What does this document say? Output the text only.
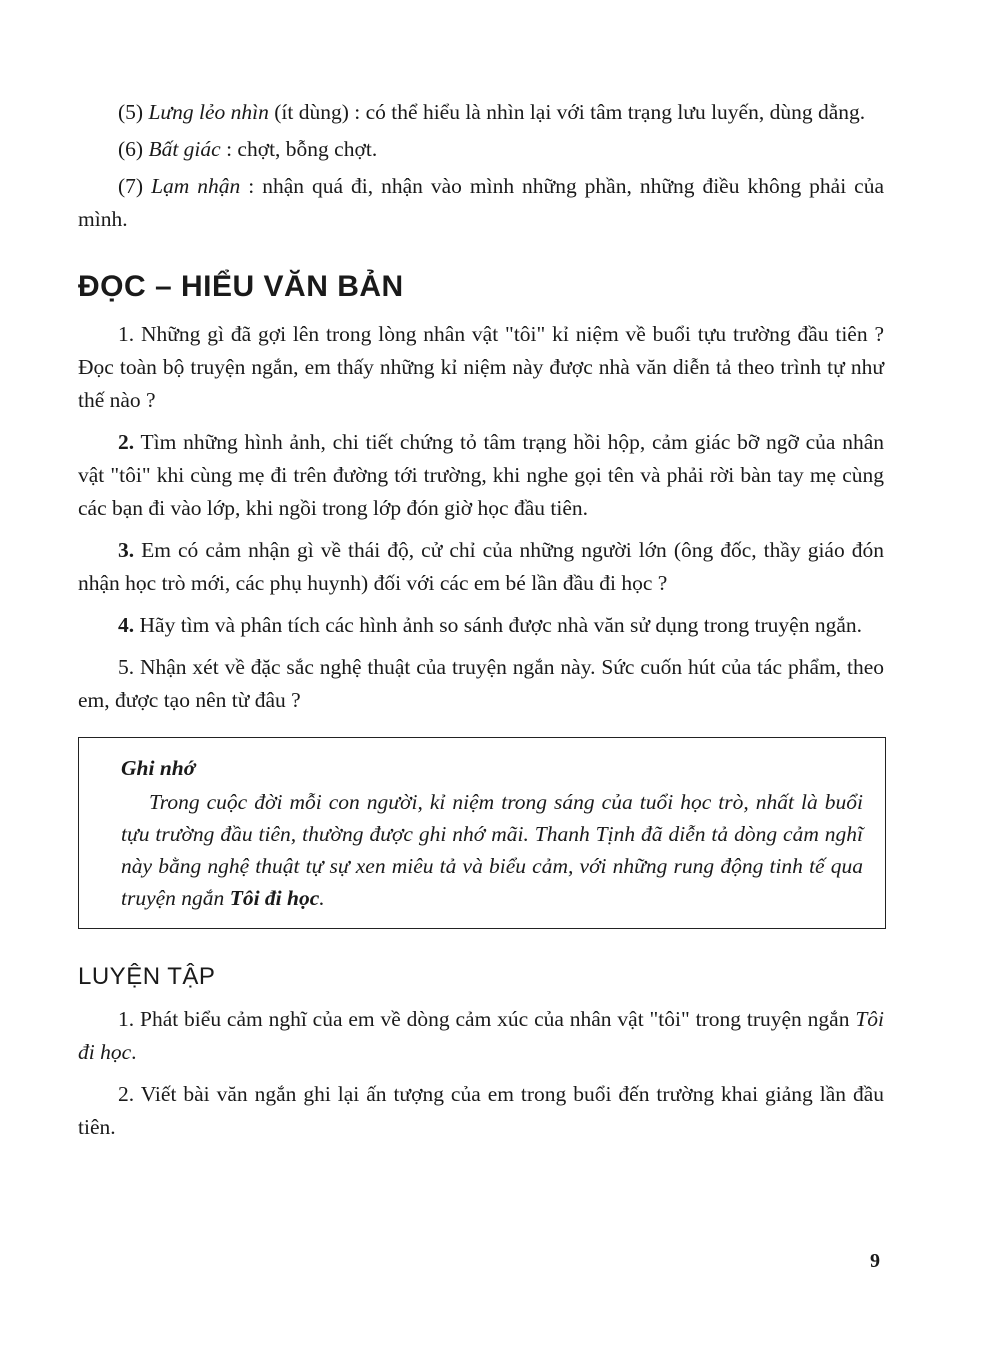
(5) Lưng lẻo nhìn (ít dùng) : có thể hiểu là nhìn lại với tâm trạng lưu luyến, dùng dằng.

(6) Bất giác : chợt, bỗng chợt.

(7) Lạm nhận : nhận quá đi, nhận vào mình những phần, những điều không phải của mình.

ĐỌC – HIỂU VĂN BẢN

1. Những gì đã gợi lên trong lòng nhân vật "tôi" kỉ niệm về buổi tựu trường đầu tiên ? Đọc toàn bộ truyện ngắn, em thấy những kỉ niệm này được nhà văn diễn tả theo trình tự như thế nào ?

2. Tìm những hình ảnh, chi tiết chứng tỏ tâm trạng hồi hộp, cảm giác bỡ ngỡ của nhân vật "tôi" khi cùng mẹ đi trên đường tới trường, khi nghe gọi tên và phải rời bàn tay mẹ cùng các bạn đi vào lớp, khi ngồi trong lớp đón giờ học đầu tiên.

3. Em có cảm nhận gì về thái độ, cử chỉ của những người lớn (ông đốc, thầy giáo đón nhận học trò mới, các phụ huynh) đối với các em bé lần đầu đi học ?

4. Hãy tìm và phân tích các hình ảnh so sánh được nhà văn sử dụng trong truyện ngắn.

5. Nhận xét về đặc sắc nghệ thuật của truyện ngắn này. Sức cuốn hút của tác phẩm, theo em, được tạo nên từ đâu ?

Ghi nhớ

Trong cuộc đời mỗi con người, kỉ niệm trong sáng của tuổi học trò, nhất là buổi tựu trường đầu tiên, thường được ghi nhớ mãi. Thanh Tịnh đã diễn tả dòng cảm nghĩ này bằng nghệ thuật tự sự xen miêu tả và biểu cảm, với những rung động tinh tế qua truyện ngắn Tôi đi học.

LUYỆN TẬP

1. Phát biểu cảm nghĩ của em về dòng cảm xúc của nhân vật "tôi" trong truyện ngắn Tôi đi học.

2. Viết bài văn ngắn ghi lại ấn tượng của em trong buổi đến trường khai giảng lần đầu tiên.

9
